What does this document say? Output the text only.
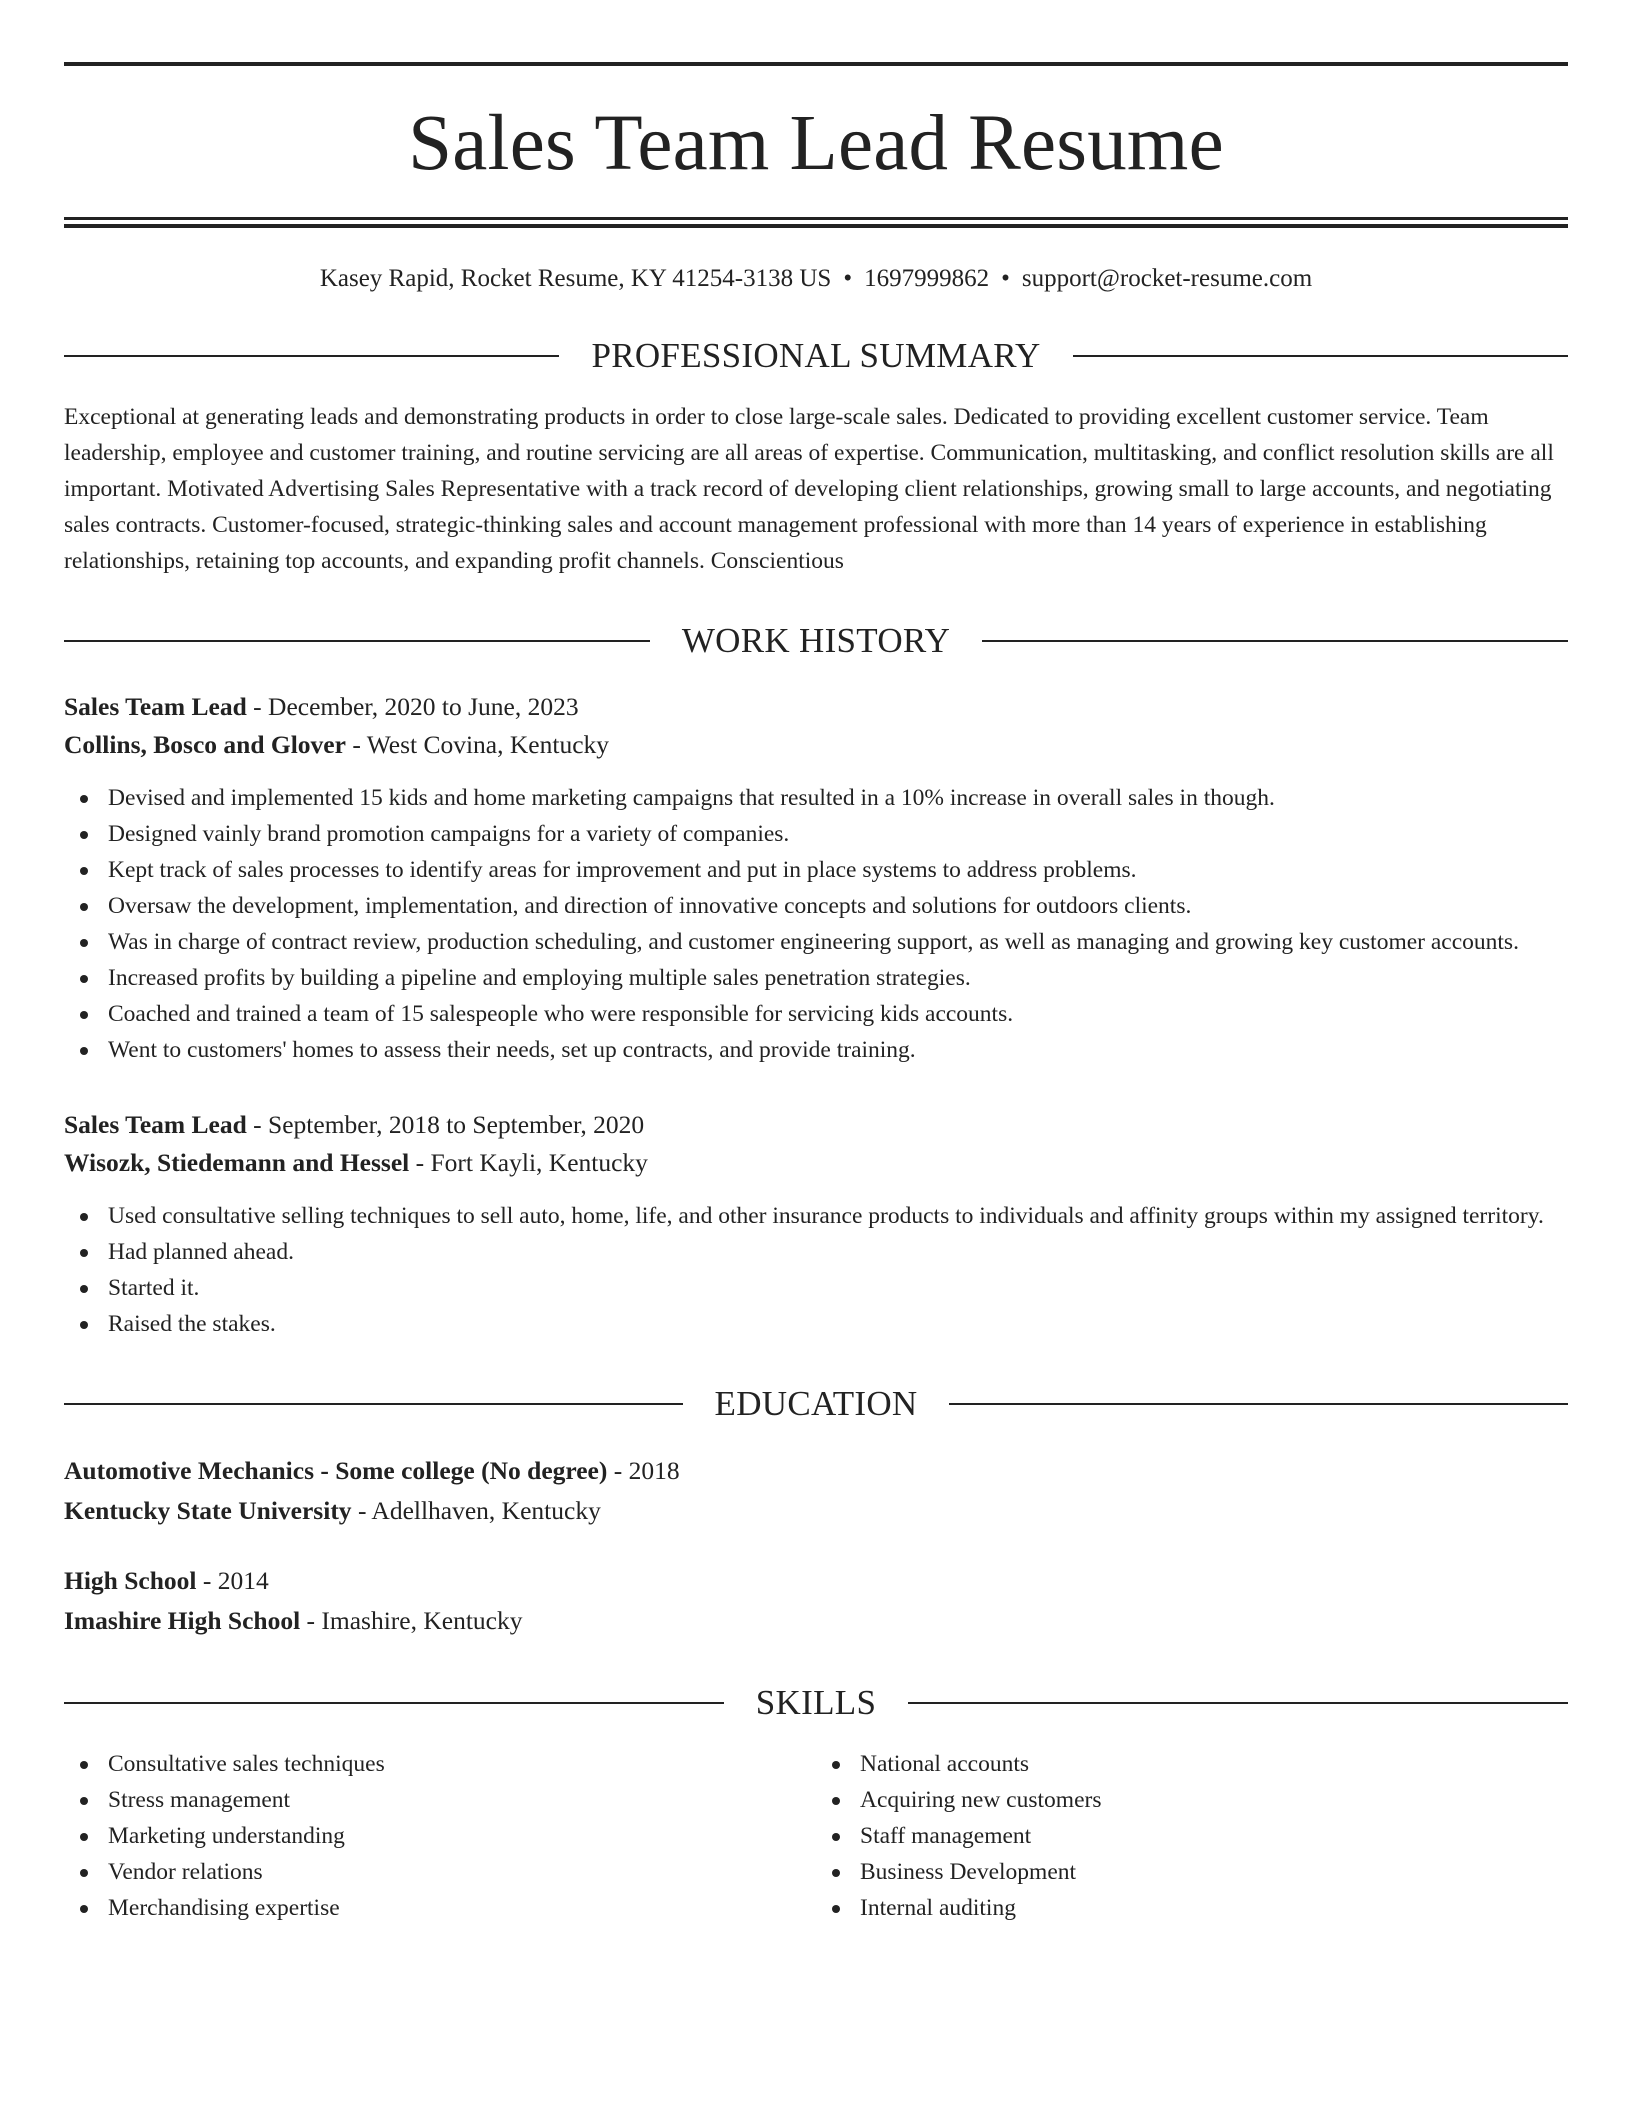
Sales Team Lead Resume
Kasey Rapid, Rocket Resume, KY 41254-3138 US • 1697999862 • support@rocket-resume.com
PROFESSIONAL SUMMARY
Exceptional at generating leads and demonstrating products in order to close large-scale sales. Dedicated to providing excellent customer service. Team leadership, employee and customer training, and routine servicing are all areas of expertise. Communication, multitasking, and conflict resolution skills are all important. Motivated Advertising Sales Representative with a track record of developing client relationships, growing small to large accounts, and negotiating sales contracts. Customer-focused, strategic-thinking sales and account management professional with more than 14 years of experience in establishing relationships, retaining top accounts, and expanding profit channels. Conscientious
WORK HISTORY
Sales Team Lead - December, 2020 to June, 2023
Collins, Bosco and Glover - West Covina, Kentucky
Devised and implemented 15 kids and home marketing campaigns that resulted in a 10% increase in overall sales in though.
Designed vainly brand promotion campaigns for a variety of companies.
Kept track of sales processes to identify areas for improvement and put in place systems to address problems.
Oversaw the development, implementation, and direction of innovative concepts and solutions for outdoors clients.
Was in charge of contract review, production scheduling, and customer engineering support, as well as managing and growing key customer accounts.
Increased profits by building a pipeline and employing multiple sales penetration strategies.
Coached and trained a team of 15 salespeople who were responsible for servicing kids accounts.
Went to customers' homes to assess their needs, set up contracts, and provide training.
Sales Team Lead - September, 2018 to September, 2020
Wisozk, Stiedemann and Hessel - Fort Kayli, Kentucky
Used consultative selling techniques to sell auto, home, life, and other insurance products to individuals and affinity groups within my assigned territory.
Had planned ahead.
Started it.
Raised the stakes.
EDUCATION
Automotive Mechanics - Some college (No degree) - 2018
Kentucky State University - Adellhaven, Kentucky
High School - 2014
Imashire High School - Imashire, Kentucky
SKILLS
Consultative sales techniques
Stress management
Marketing understanding
Vendor relations
Merchandising expertise
National accounts
Acquiring new customers
Staff management
Business Development
Internal auditing
